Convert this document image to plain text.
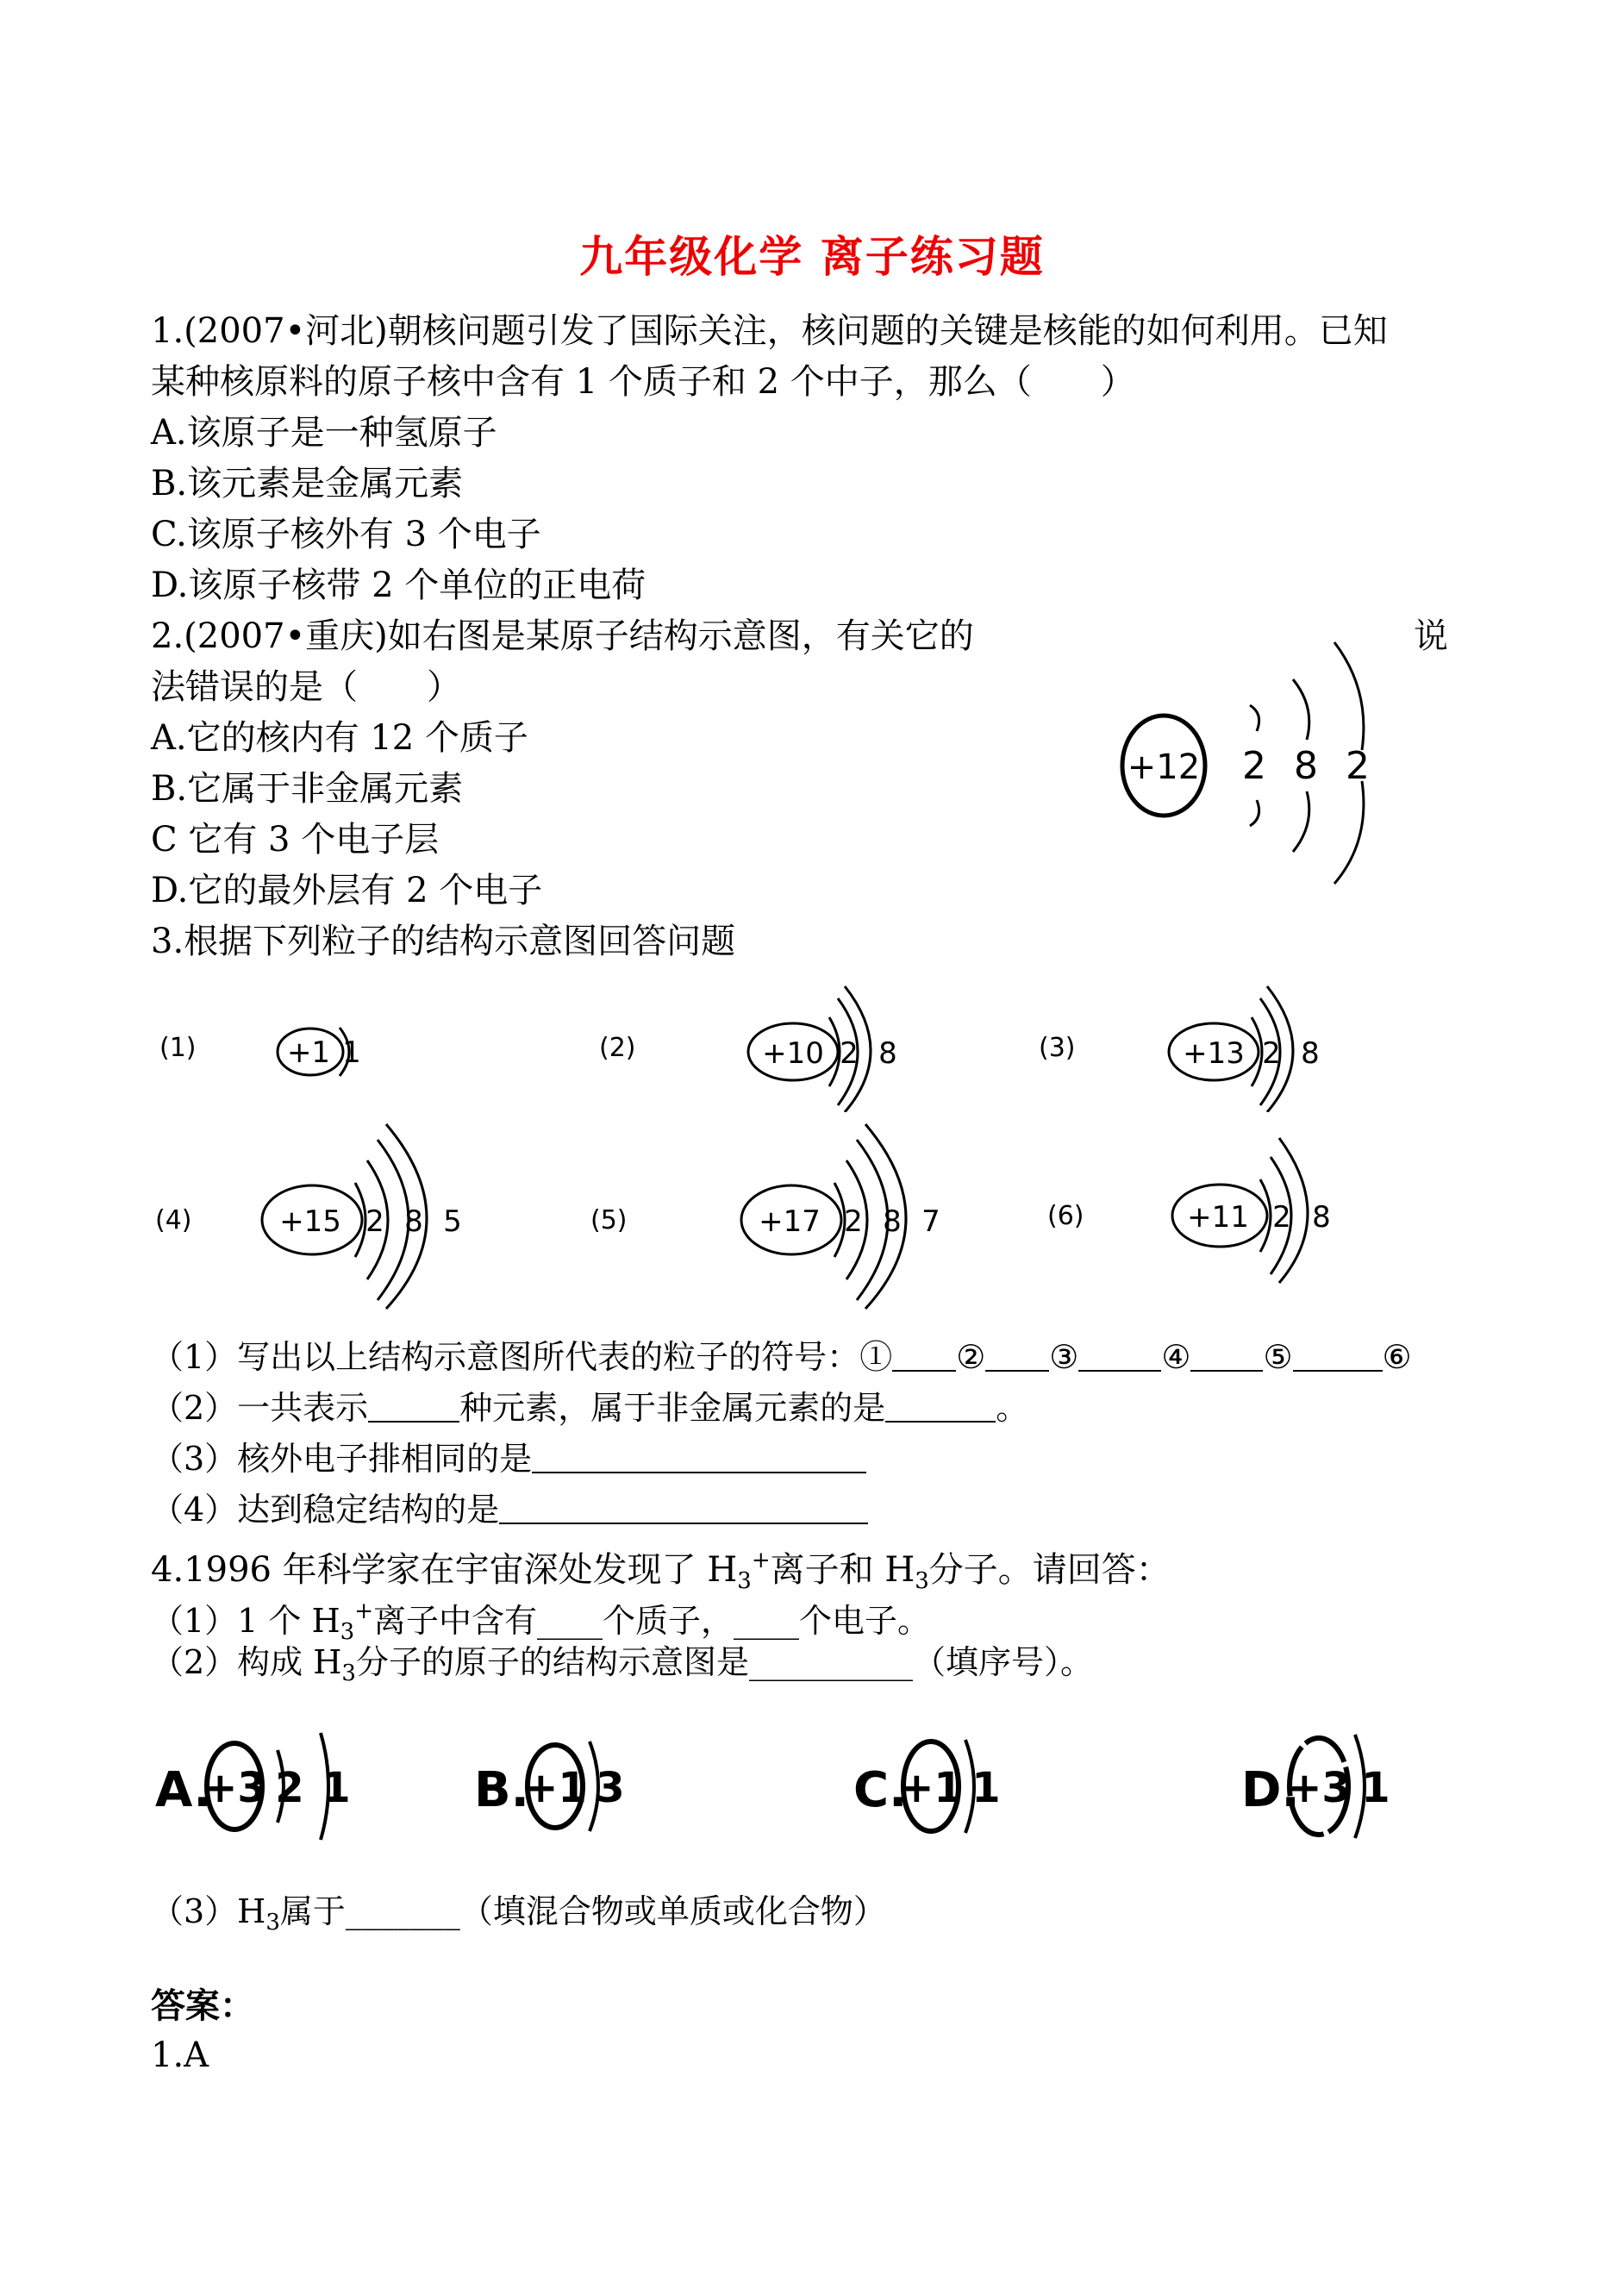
九年级化学 离子练习题
1.(2007•河北)朝核问题引发了国际关注，核问题的关键是核能的如何利用。已知
某种核原料的原子核中含有 1 个质子和 2 个中子，那么（　　）
A.该原子是一种氢原子
B.该元素是金属元素
C.该原子核外有 3 个电子
D.该原子核带 2 个单位的正电荷
2.(2007•重庆)如右图是某原子结构示意图，有关它的	说
法错误的是（　　）
A.它的核内有 12 个质子
B.它属于非金属元素
C 它有 3 个电子层
D.它的最外层有 2 个电子
+12 2 8 2
3.根据下列粒子的结构示意图回答问题
(1)	+1 1	(2)	+10 2 8	(3)	+13 2 8
(4)	+15 2 8 5	(5)	+17 2 8 7	(6)	+11 2 8
（1）写出以上结构示意图所代表的粒子的符号：① ② ③	④ ⑤	⑥
（2）一共表示	种元素，属于非金属元素的是	。
（3）核外电子排相同的是
（4）达到稳定结构的是
4.1996 年科学家在宇宙深处发现了 $H_3^+$离子和 $H_3$分子。请回答：
（1）1 个 $H_3^+$离子中含有____个质子，____个电子。
（2）构成 $H_3$分子的原子的结构示意图是__________（填序号）。
A.
+3 2 1	B.
+1 3	C.
+1 1	D.
+3 1
$(3)H_3$属于_______（填混合物或单质或化合物）
答案：
1.A
